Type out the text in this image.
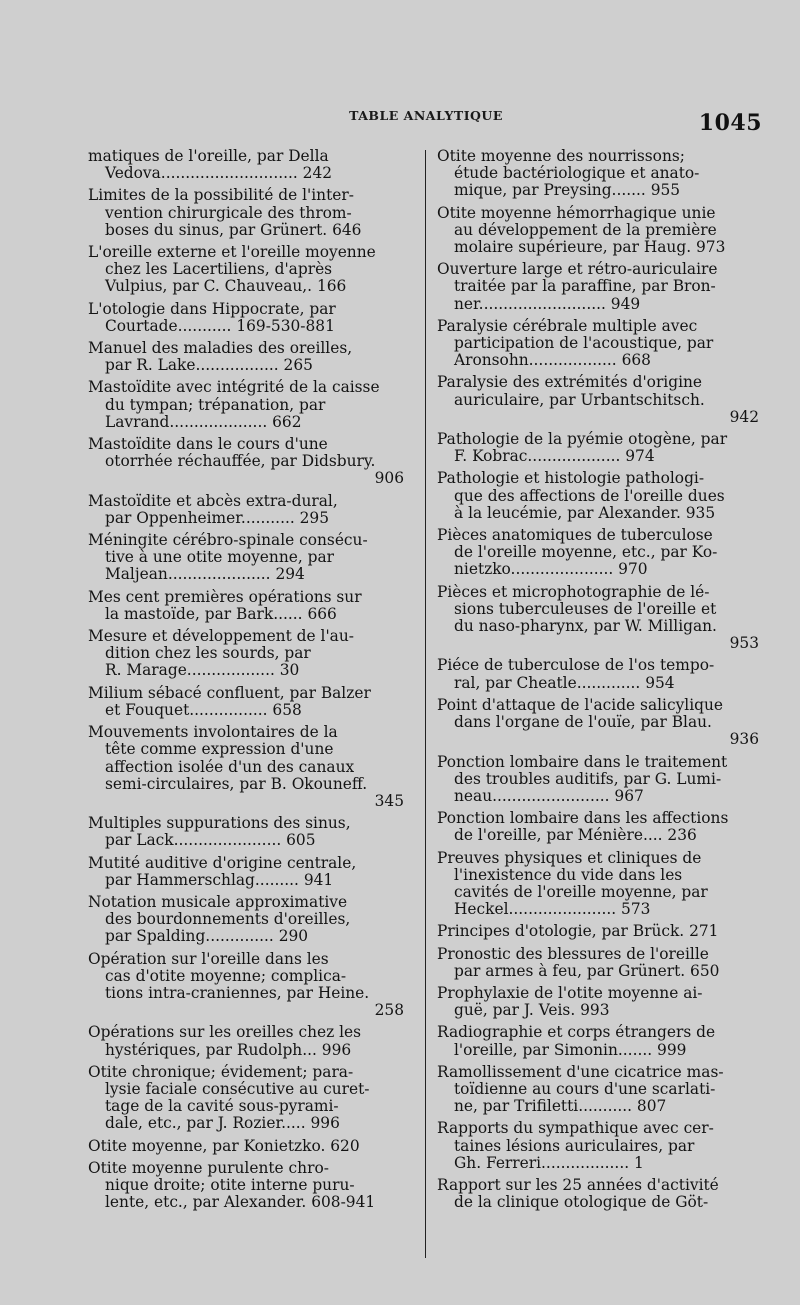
TABLE ANALYTIQUE	1045
matiques de l'oreille, par Della
Vedova............................ 242
Limites de la possibilité de l'inter-
vention chirurgicale des throm-
boses du sinus, par Grünert. 646
L'oreille externe et l'oreille moyenne
chez les Lacertiliens, d'après
Vulpius, par C. Chauveau,. 166
L'otologie dans Hippocrate, par
Courtade........... 169-530-881
Manuel des maladies des oreilles,
par R. Lake................. 265
Mastoïdite avec intégrité de la caisse
du tympan; trépanation, par
Lavrand.................... 662
Mastoïdite dans le cours d'une
otorrhée réchauffée, par Didsbury.
906
Mastoïdite et abcès extra-dural,
par Oppenheimer........... 295
Méningite cérébro-spinale consécu-
tive à une otite moyenne, par
Maljean..................... 294
Mes cent premières opérations sur
la mastoïde, par Bark...... 666
Mesure et développement de l'au-
dition chez les sourds, par
R. Marage.................. 30
Milium sébacé confluent, par Balzer
et Fouquet................ 658
Mouvements involontaires de la
tête comme expression d'une
affection isolée d'un des canaux
semi-circulaires, par B. Okouneff.
345
Multiples suppurations des sinus,
par Lack...................... 605
Mutité auditive d'origine centrale,
par Hammerschlag......... 941
Notation musicale approximative
des bourdonnements d'oreilles,
par Spalding.............. 290
Opération sur l'oreille dans les
cas d'otite moyenne; complica-
tions intra-craniennes, par Heine.
258
Opérations sur les oreilles chez les
hystériques, par Rudolph... 996
Otite chronique; évidement; para-
lysie faciale consécutive au curet-
tage de la cavité sous-pyrami-
dale, etc., par J. Rozier..... 996
Otite moyenne, par Konietzko. 620
Otite moyenne purulente chro-
nique droite; otite interne puru-
lente, etc., par Alexander. 608-941
Otite moyenne des nourrissons;
étude bactériologique et anato-
mique, par Preysing....... 955
Otite moyenne hémorrhagique unie
au développement de la première
molaire supérieure, par Haug. 973
Ouverture large et rétro-auriculaire
traitée par la paraffine, par Bron-
ner.......................... 949
Paralysie cérébrale multiple avec
participation de l'acoustique, par
Aronsohn.................. 668
Paralysie des extrémités d'origine
auriculaire, par Urbantschitsch.
942
Pathologie de la pyémie otogène, par
F. Kobrac................... 974
Pathologie et histologie pathologi-
que des affections de l'oreille dues
à la leucémie, par Alexander. 935
Pièces anatomiques de tuberculose
de l'oreille moyenne, etc., par Ko-
nietzko..................... 970
Pièces et microphotographie de lé-
sions tuberculeuses de l'oreille et
du naso-pharynx, par W. Milligan.
953
Piéce de tuberculose de l'os tempo-
ral, par Cheatle............. 954
Point d'attaque de l'acide salicylique
dans l'organe de l'ouïe, par Blau.
936
Ponction lombaire dans le traitement
des troubles auditifs, par G. Lumi-
neau........................ 967
Ponction lombaire dans les affections
de l'oreille, par Ménière.... 236
Preuves physiques et cliniques de
l'inexistence du vide dans les
cavités de l'oreille moyenne, par
Heckel...................... 573
Principes d'otologie, par Brück. 271
Pronostic des blessures de l'oreille
par armes à feu, par Grünert. 650
Prophylaxie de l'otite moyenne ai-
guë, par J. Veis. 993
Radiographie et corps étrangers de
l'oreille, par Simonin....... 999
Ramollissement d'une cicatrice mas-
toïdienne au cours d'une scarlati-
ne, par Trifiletti........... 807
Rapports du sympathique avec cer-
taines lésions auriculaires, par
Gh. Ferreri.................. 1
Rapport sur les 25 années d'activité
de la clinique otologique de Göt-
